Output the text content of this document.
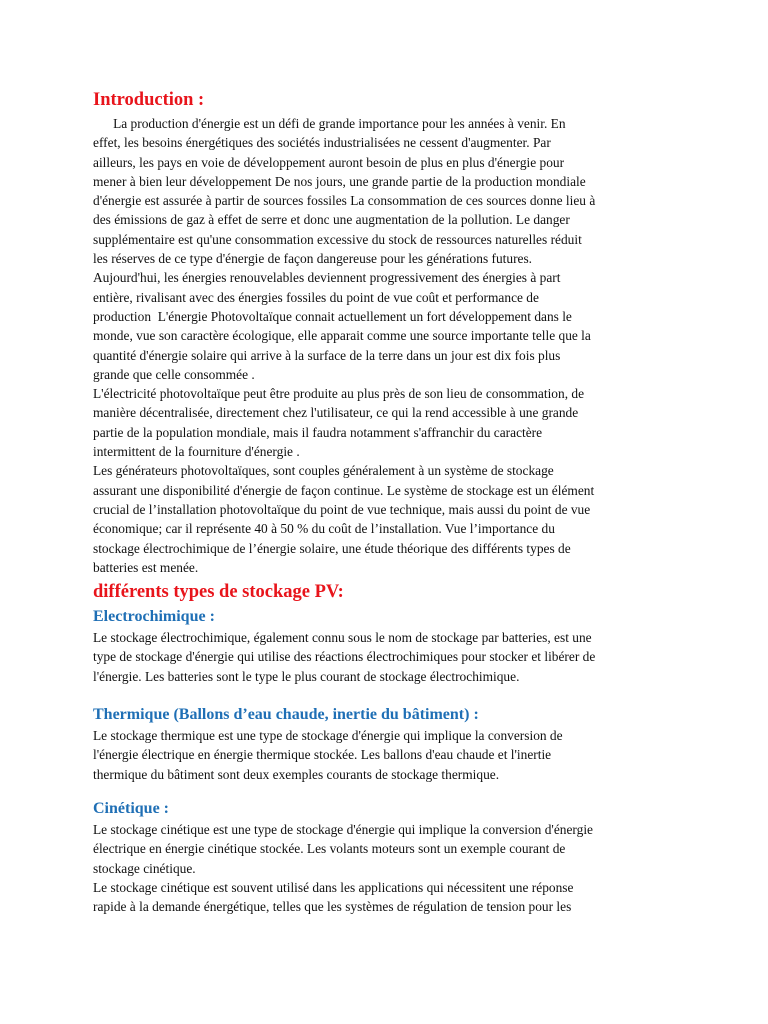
Introduction :

La production d'énergie est un défi de grande importance pour les années à venir. En

effet, les besoins énergétiques des sociétés industrialisées ne cessent d'augmenter. Par

ailleurs, les pays en voie de développement auront besoin de plus en plus d'énergie pour

mener à bien leur développement De nos jours, une grande partie de la production mondiale

d'énergie est assurée à partir de sources fossiles La consommation de ces sources donne lieu à

des émissions de gaz à effet de serre et donc une augmentation de la pollution. Le danger

supplémentaire est qu'une consommation excessive du stock de ressources naturelles réduit

les réserves de ce type d'énergie de façon dangereuse pour les générations futures.

Aujourd'hui, les énergies renouvelables deviennent progressivement des énergies à part

entière, rivalisant avec des énergies fossiles du point de vue coût et performance de

production  L'énergie Photovoltaïque connait actuellement un fort développement dans le

monde, vue son caractère écologique, elle apparait comme une source importante telle que la

quantité d'énergie solaire qui arrive à la surface de la terre dans un jour est dix fois plus

grande que celle consommée .

L'électricité photovoltaïque peut être produite au plus près de son lieu de consommation, de

manière décentralisée, directement chez l'utilisateur, ce qui la rend accessible à une grande

partie de la population mondiale, mais il faudra notamment s'affranchir du caractère

intermittent de la fourniture d'énergie .

Les générateurs photovoltaïques, sont couples généralement à un système de stockage

assurant une disponibilité d'énergie de façon continue. Le système de stockage est un élément

crucial de l’installation photovoltaïque du point de vue technique, mais aussi du point de vue

économique; car il représente 40 à 50 % du coût de l’installation. Vue l’importance du

stockage électrochimique de l’énergie solaire, une étude théorique des différents types de

batteries est menée.

différents types de stockage PV:
Electrochimique :

Le stockage électrochimique, également connu sous le nom de stockage par batteries, est une

type de stockage d'énergie qui utilise des réactions électrochimiques pour stocker et libérer de

l'énergie. Les batteries sont le type le plus courant de stockage électrochimique.

Thermique (Ballons d’eau chaude, inertie du bâtiment) :

Le stockage thermique est une type de stockage d'énergie qui implique la conversion de

l'énergie électrique en énergie thermique stockée. Les ballons d'eau chaude et l'inertie

thermique du bâtiment sont deux exemples courants de stockage thermique.

Cinétique :

Le stockage cinétique est une type de stockage d'énergie qui implique la conversion d'énergie

électrique en énergie cinétique stockée. Les volants moteurs sont un exemple courant de

stockage cinétique.

Le stockage cinétique est souvent utilisé dans les applications qui nécessitent une réponse

rapide à la demande énergétique, telles que les systèmes de régulation de tension pour les
